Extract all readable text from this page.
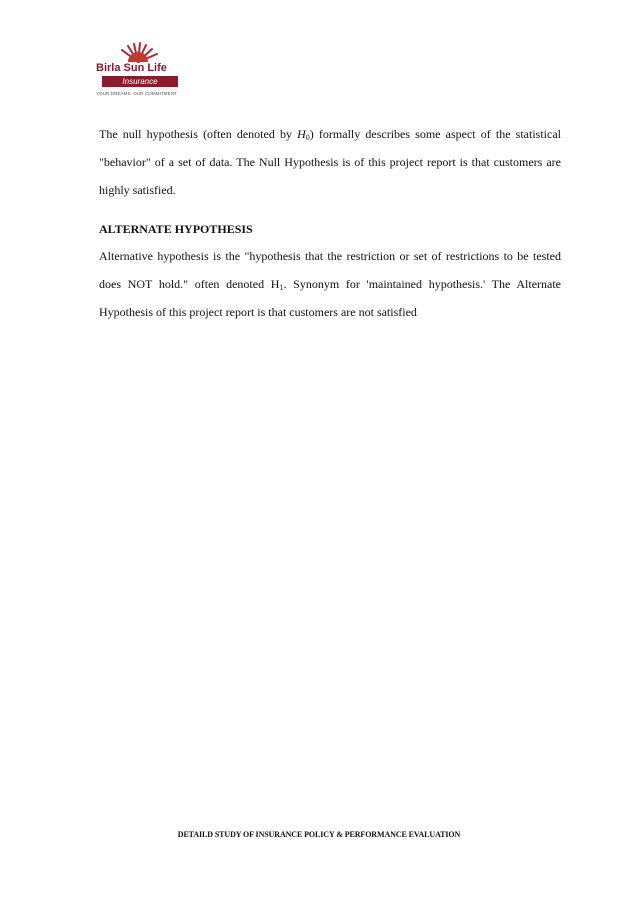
Birla Sun Life
Insurance
YOUR DREAMS. OUR COMMITMENT

The null hypothesis (often denoted by $H_0$) formally describes some aspect of the statistical "behavior" of a set of data. The Null Hypothesis is of this project report is that customers are highly satisfied.

ALTERNATE HYPOTHESIS

Alternative hypothesis is the "hypothesis that the restriction or set of restrictions to be tested does NOT hold." often denoted $H_1$. Synonym for 'maintained hypothesis.' The Alternate Hypothesis of this project report is that customers are not satisfied

DETAILD STUDY OF INSURANCE POLICY & PERFORMANCE EVALUATION
